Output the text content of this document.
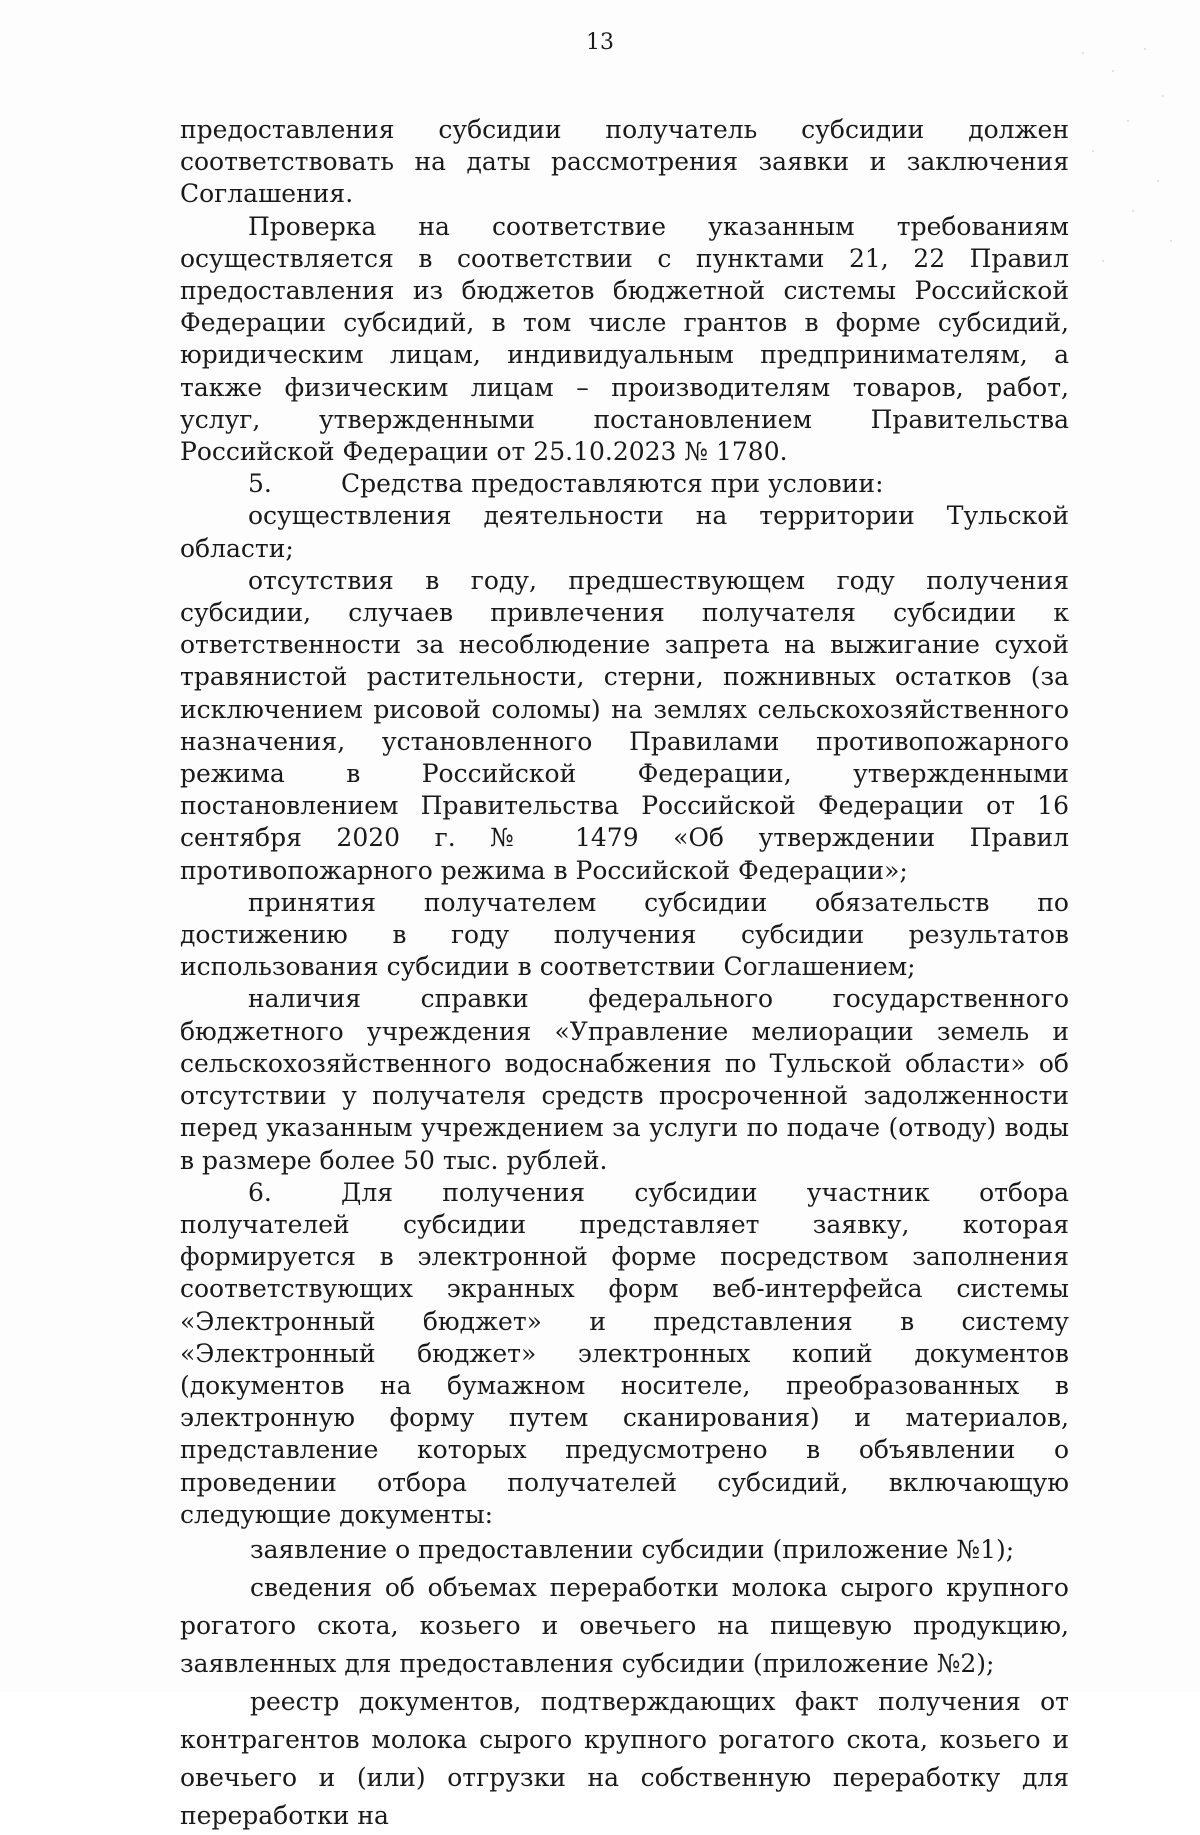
13

предоставления субсидии получатель субсидии должен соответствовать на даты рассмотрения заявки и заключения Соглашения.

Проверка на соответствие указанным требованиям осуществляется в соответствии с пунктами 21, 22 Правил предоставления из бюджетов бюджетной системы Российской Федерации субсидий, в том числе грантов в форме субсидий, юридическим лицам, индивидуальным предпринимателям, а также физическим лицам – производителям товаров, работ, услуг, утвержденными постановлением Правительства Российской Федерации от 25.10.2023 № 1780.

5.	Средства предоставляются при условии:

осуществления деятельности на территории Тульской области;

отсутствия в году, предшествующем году получения субсидии, случаев привлечения получателя субсидии к ответственности за несоблюдение запрета на выжигание сухой травянистой растительности, стерни, пожнивных остатков (за исключением рисовой соломы) на землях сельскохозяйственного назначения, установленного Правилами противопожарного режима в Российской Федерации, утвержденными постановлением Правительства Российской Федерации от 16 сентября 2020 г. № 1479 «Об утверждении Правил противопожарного режима в Российской Федерации»;

принятия получателем субсидии обязательств по достижению в году получения субсидии результатов использования субсидии в соответствии Соглашением;

наличия справки федерального государственного бюджетного учреждения «Управление мелиорации земель и сельскохозяйственного водоснабжения по Тульской области» об отсутствии у получателя средств просроченной задолженности перед указанным учреждением за услуги по подаче (отводу) воды в размере более 50 тыс. рублей.

6.	Для получения субсидии участник отбора получателей субсидии представляет заявку, которая формируется в электронной форме посредством заполнения соответствующих экранных форм веб-интерфейса системы «Электронный бюджет» и представления в систему «Электронный бюджет» электронных копий документов (документов на бумажном носителе, преобразованных в электронную форму путем сканирования) и материалов, представление которых предусмотрено в объявлении о проведении отбора получателей субсидий, включающую следующие документы:

заявление о предоставлении субсидии (приложение №1);

сведения об объемах переработки молока сырого крупного рогатого скота, козьего и овечьего на пищевую продукцию, заявленных для предоставления субсидии (приложение №2);

реестр документов, подтверждающих факт получения от контрагентов молока сырого крупного рогатого скота, козьего и овечьего и (или) отгрузки на собственную переработку для переработки на
